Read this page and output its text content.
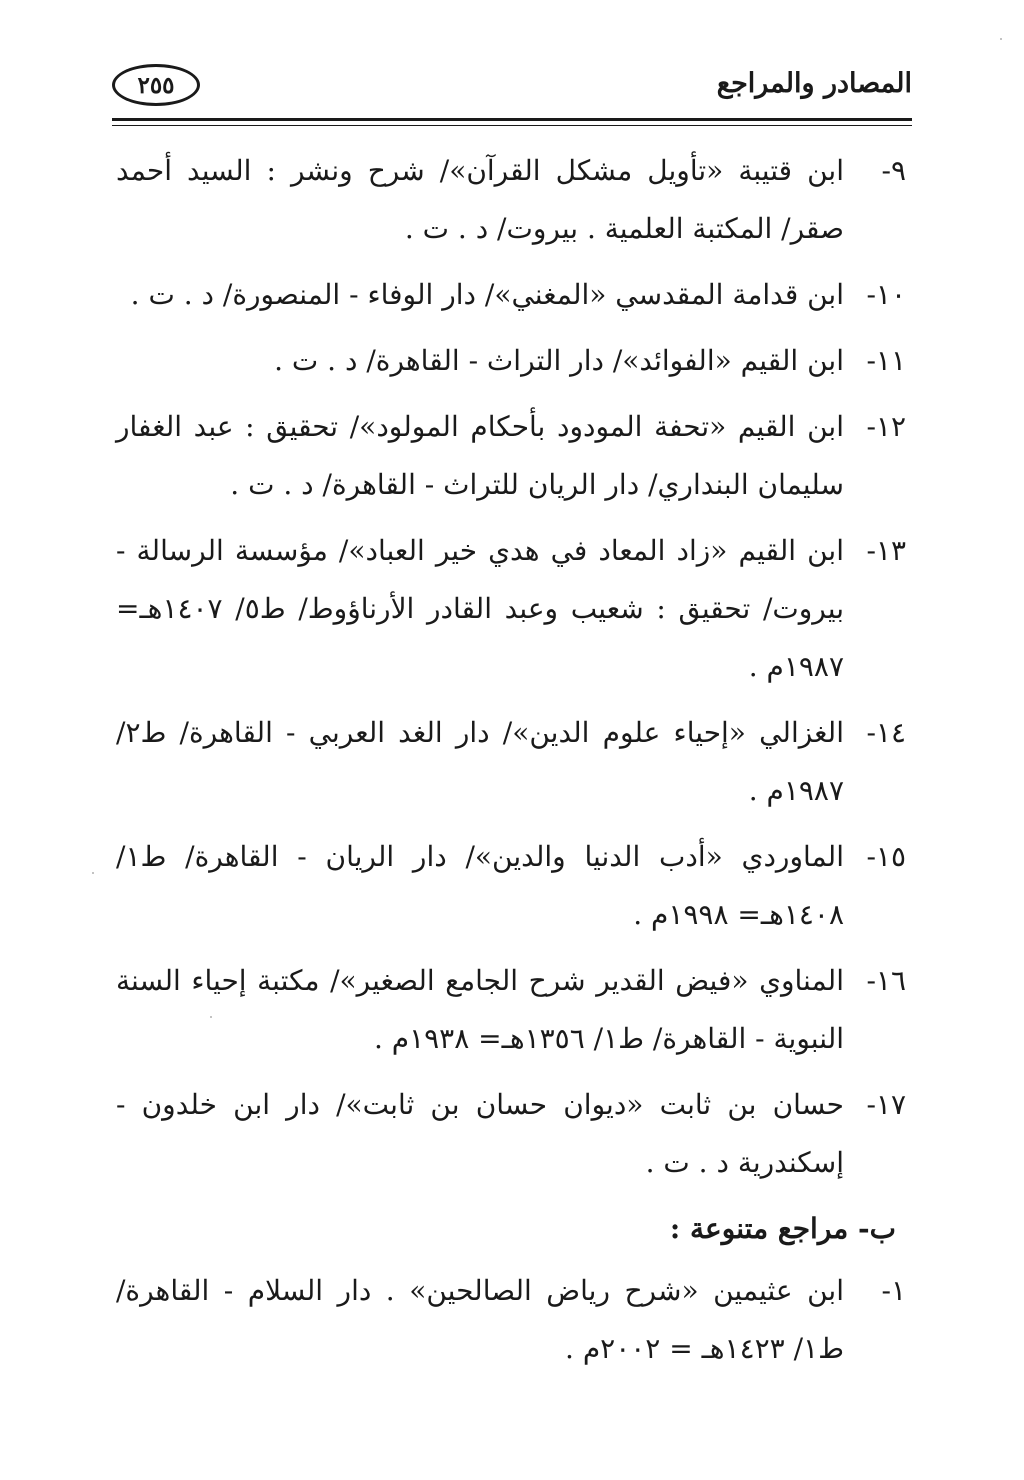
المصادر والمراجع
٢٥٥
٩-
ابن قتيبة «تأويل مشكل القرآن»/ شرح ونشر : السيد أحمد صقر/ المكتبة العلمية . بيروت/ د . ت .
١٠-
ابن قدامة المقدسي «المغني»/ دار الوفاء - المنصورة/ د . ت .
١١-
ابن القيم «الفوائد»/ دار التراث - القاهرة/ د . ت .
١٢-
ابن القيم «تحفة المودود بأحكام المولود»/ تحقيق : عبد الغفار سليمان البنداري/ دار الريان للتراث - القاهرة/ د . ت .
١٣-
ابن القيم «زاد المعاد في هدي خير العباد»/ مؤسسة الرسالة - بيروت/ تحقيق : شعيب وعبد القادر الأرناؤوط/ ط٥/ ١٤٠٧هـ= ١٩٨٧م .
١٤-
الغزالي «إحياء علوم الدين»/ دار الغد العربي - القاهرة/ ط٢/ ١٩٨٧م .
١٥-
الماوردي «أدب الدنيا والدين»/ دار الريان - القاهرة/ ط١/ ١٤٠٨هـ= ١٩٩٨م .
١٦-
المناوي «فيض القدير شرح الجامع الصغير»/ مكتبة إحياء السنة النبوية - القاهرة/ ط١/ ١٣٥٦هـ= ١٩٣٨م .
١٧-
حسان بن ثابت «ديوان حسان بن ثابت»/ دار ابن خلدون - إسكندرية د . ت .
ب- مراجع متنوعة :
١-
ابن عثيمين «شرح رياض الصالحين» . دار السلام - القاهرة/ ط١/ ١٤٢٣هـ = ٢٠٠٢م .
